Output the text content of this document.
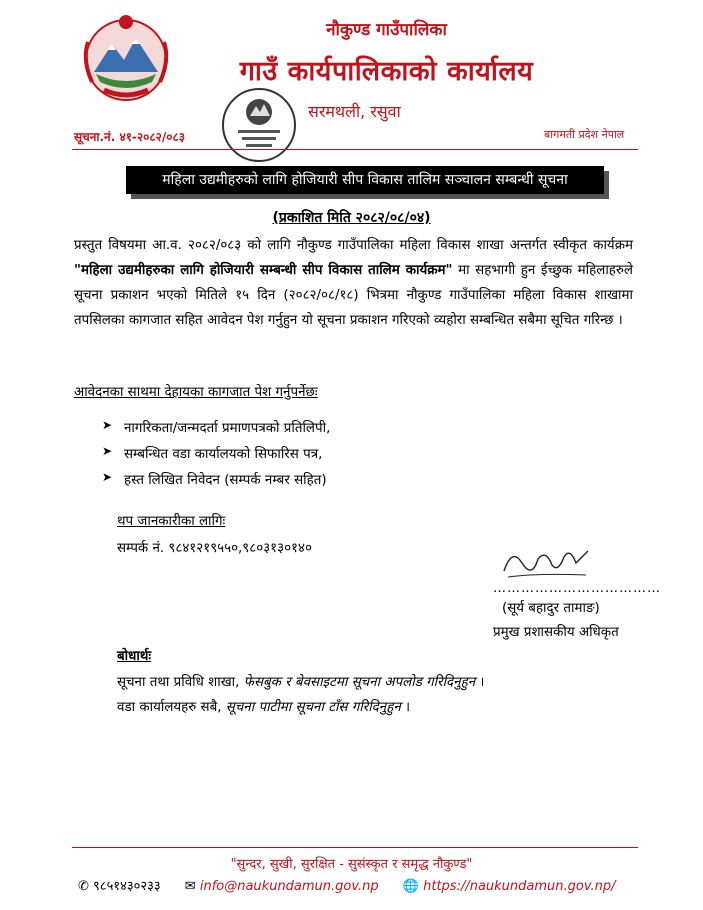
नौकुण्ड गाउँपालिका
गाउँ कार्यपालिकाको कार्यालय
सरमथली, रसुवा
सूचना.नं. ४१-२०८२/०८३	बागमती प्रदेश नेपाल
महिला उद्यमीहरुको लागि होजियारी सीप विकास तालिम सञ्चालन सम्बन्धी सूचना
(प्रकाशित मिति २०८२/०८/०४)
प्रस्तुत विषयमा आ.व. २०८२/०८३ को लागि नौकुण्ड गाउँपालिका महिला विकास शाखा अन्तर्गत स्वीकृत कार्यक्रम "महिला उद्यमीहरुका लागि होजियारी सम्बन्धी सीप विकास तालिम कार्यक्रम" मा सहभागी हुन ईच्छुक महिलाहरुले सूचना प्रकाशन भएको मितिले १५ दिन (२०८२/०८/१८) भित्रमा नौकुण्ड गाउँपालिका महिला विकास शाखामा तपसिलका कागजात सहित आवेदन पेश गर्नुहुन यो सूचना प्रकाशन गरिएको व्यहोरा सम्बन्धित सबैमा सूचित गरिन्छ ।
आवेदनका साथमा देहायका कागजात पेश गर्नुपर्नेछः
➤ नागरिकता/जन्मदर्ता प्रमाणपत्रको प्रतिलिपी,
➤ सम्बन्धित वडा कार्यालयको सिफारिस पत्र,
➤ हस्त लिखित निवेदन (सम्पर्क नम्बर सहित)
थप जानकारीका लागिः
सम्पर्क नं. ९८४१२१९५५०,९८०३१३०१४०
………………………………
(सूर्य बहादुर तामाङ)
प्रमुख प्रशासकीय अधिकृत
बोधार्थः
सूचना तथा प्रविधि शाखा, फेसबुक र बेवसाइटमा सूचना अपलोड गरिदिनुहुन ।
वडा कार्यालयहरु सबै, सूचना पाटीमा सूचना टाँस गरिदिनुहुन ।
"सुन्दर, सुखी, सुरक्षित - सुसंस्कृत र समृद्ध नौकुण्ड"
✆ ९८५१४३०२३३ ✉ info@naukundamun.gov.np 🌐 https://naukundamun.gov.np/
